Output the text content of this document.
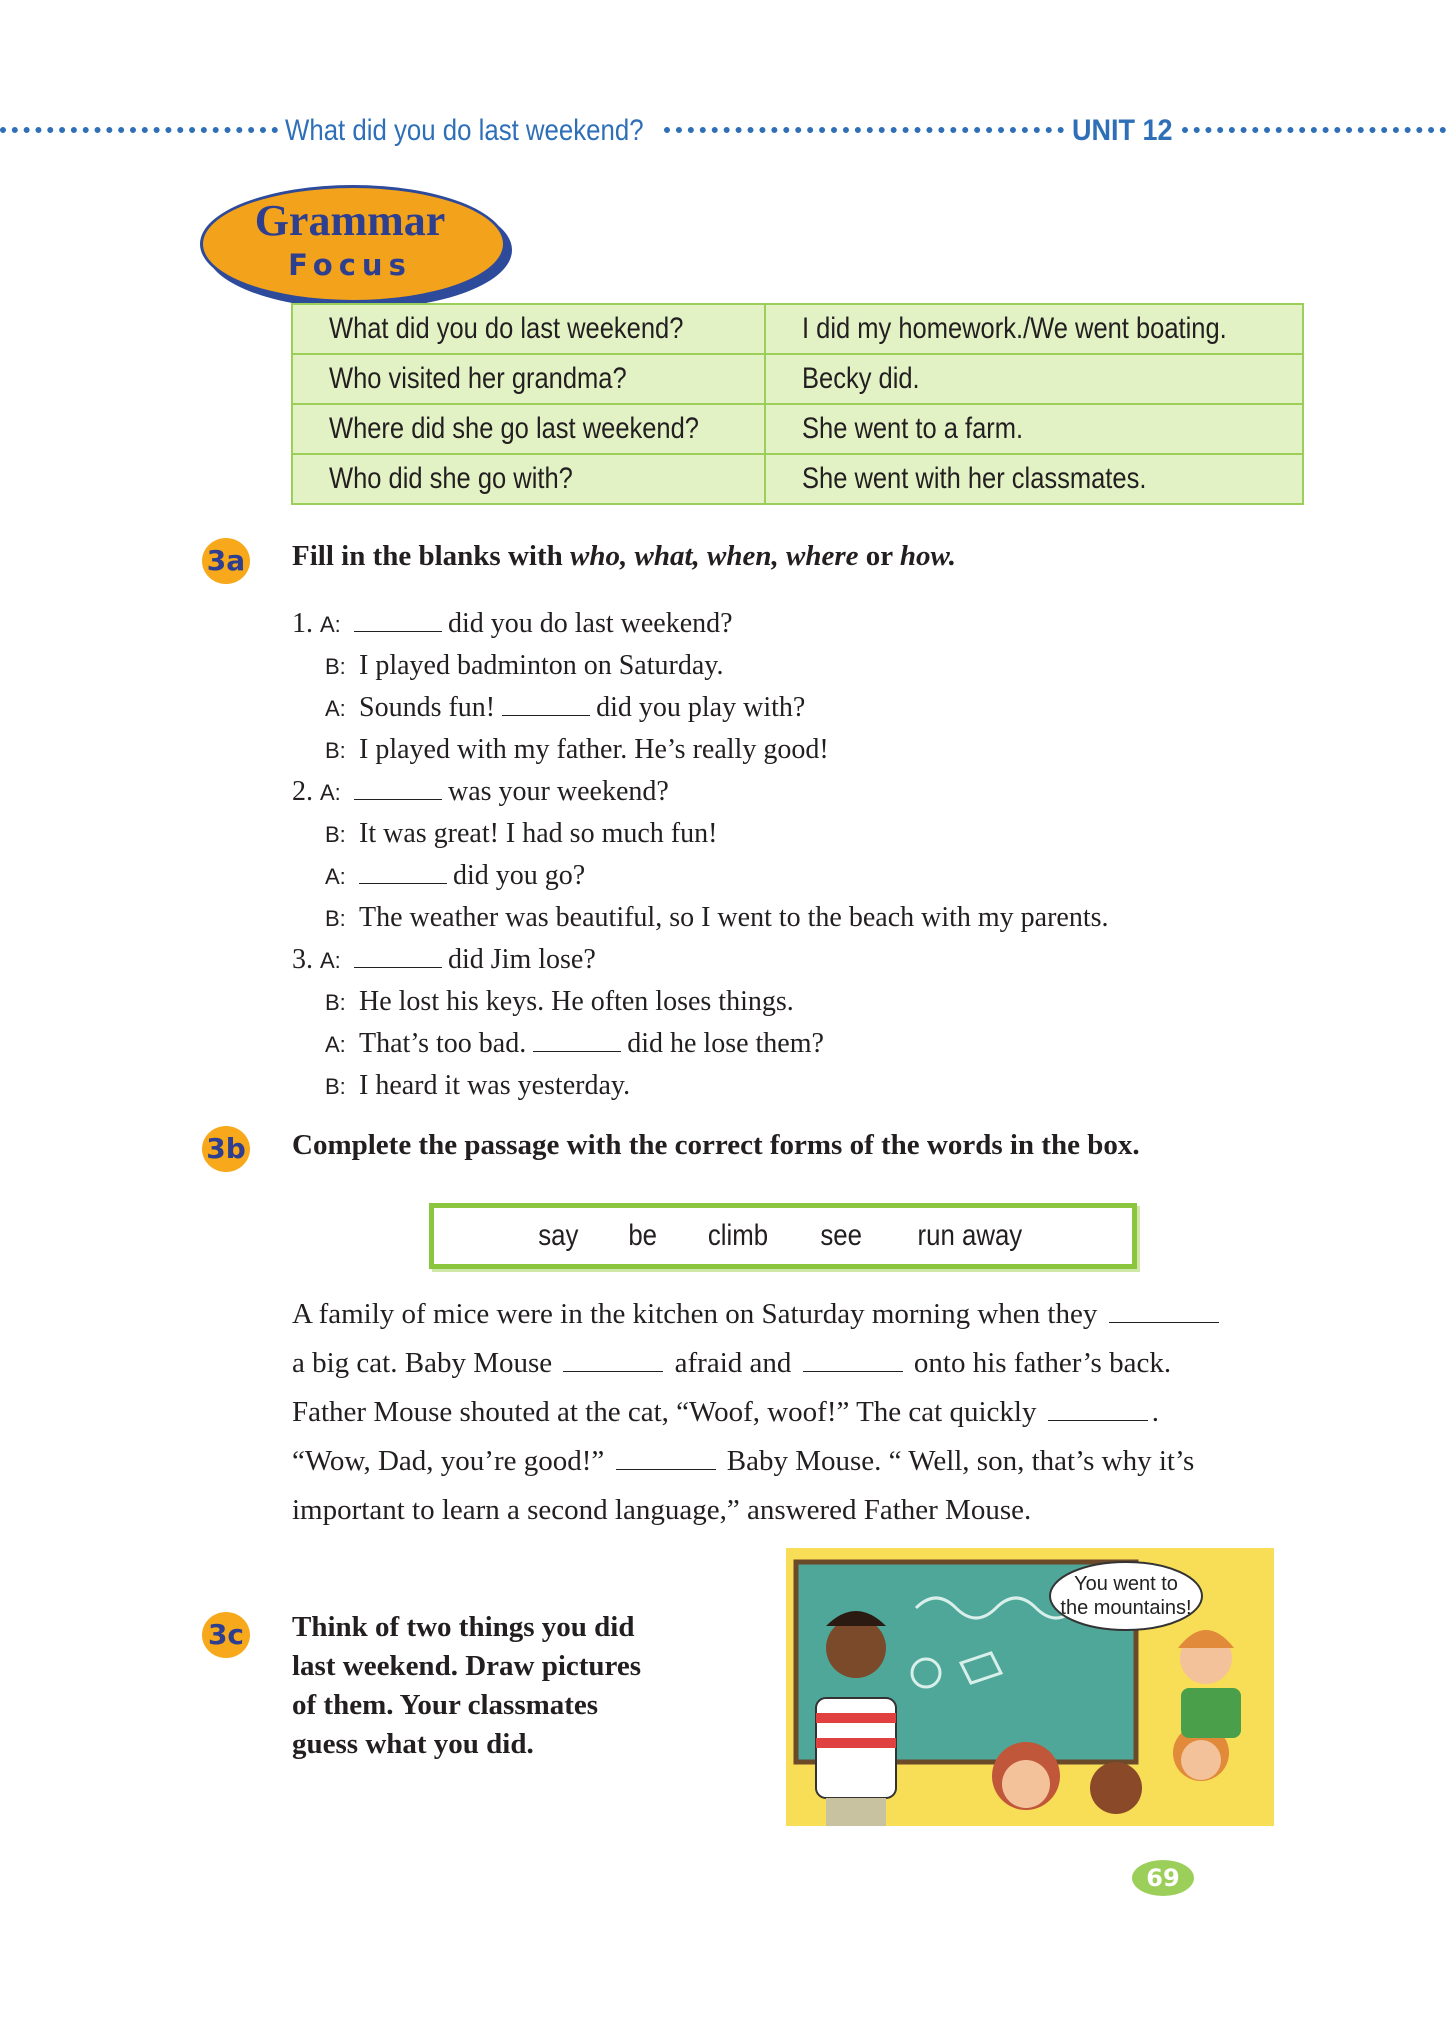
What did you do last weekend?	UNIT 12
Grammar
Focus
What did you do last weekend?	I did my homework./We went boating.
Who visited her grandma?	Becky did.
Where did she go last weekend?	She went to a farm.
Who did she go with?	She went with her classmates.
3a Fill in the blanks with who, what, when, where or how.
1. A:	did you do last weekend?
B: I played badminton on Saturday.
A: Sounds fun!	did you play with?
B: I played with my father. He’s really good!
2. A:	was your weekend?
B: It was great! I had so much fun!
A:	did you go?
B: The weather was beautiful, so I went to the beach with my parents.
3. A:	did Jim lose?
B: He lost his keys. He often loses things.
A: That’s too bad.	did he lose them?
B: I heard it was yesterday.
3b Complete the passage with the correct forms of the words in the box.
say be climb see run away
A family of mice were in the kitchen on Saturday morning when they
a big cat. Baby Mouse	afraid and	onto his father’s back.
Father Mouse shouted at the cat, “Woof, woof!” The cat quickly	.
“Wow, Dad, you’re good!”	Baby Mouse. “ Well, son, that’s why it’s
important to learn a second language,” answered Father Mouse.
3c Think of two things you did
last weekend. Draw pictures
of them. Your classmates
guess what you did.
You went to
the mountains!
69
